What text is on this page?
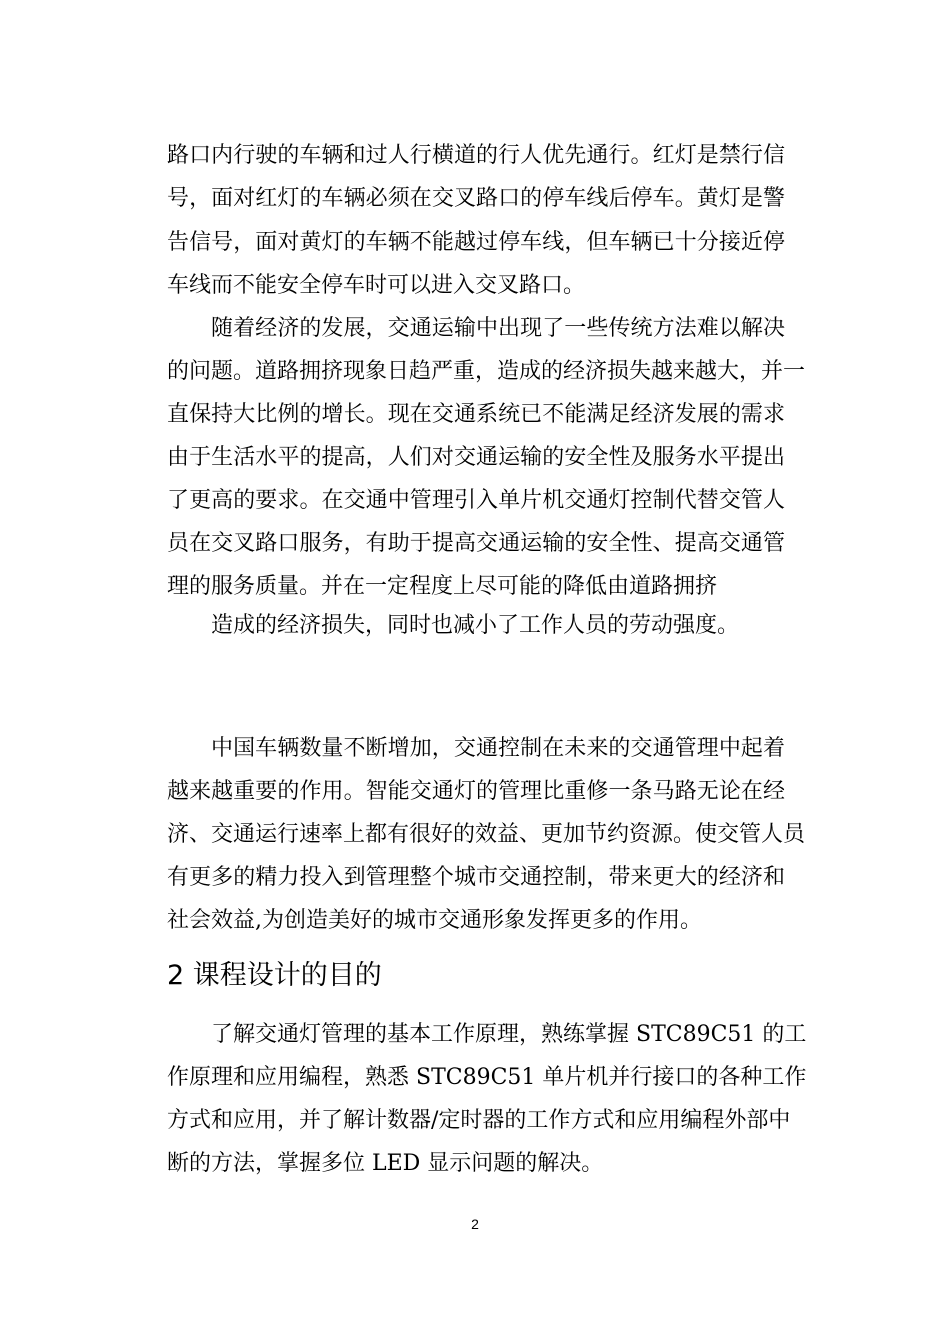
路口内行驶的车辆和过人行横道的行人优先通行。红灯是禁行信
号，面对红灯的车辆必须在交叉路口的停车线后停车。黄灯是警
告信号，面对黄灯的车辆不能越过停车线，但车辆已十分接近停
车线而不能安全停车时可以进入交叉路口。
随着经济的发展，交通运输中出现了一些传统方法难以解决
的问题。道路拥挤现象日趋严重，造成的经济损失越来越大，并一
直保持大比例的增长。现在交通系统已不能满足经济发展的需求
由于生活水平的提高，人们对交通运输的安全性及服务水平提出
了更高的要求。在交通中管理引入单片机交通灯控制代替交管人
员在交叉路口服务，有助于提高交通运输的安全性、提高交通管
理的服务质量。并在一定程度上尽可能的降低由道路拥挤
造成的经济损失，同时也减小了工作人员的劳动强度。
中国车辆数量不断增加，交通控制在未来的交通管理中起着
越来越重要的作用。智能交通灯的管理比重修一条马路无论在经
济、交通运行速率上都有很好的效益、更加节约资源。使交管人员
有更多的精力投入到管理整个城市交通控制，带来更大的经济和
社会效益,为创造美好的城市交通形象发挥更多的作用。
2 课程设计的目的
了解交通灯管理的基本工作原理，熟练掌握 STC89C51 的工
作原理和应用编程，熟悉 STC89C51 单片机并行接口的各种工作
方式和应用，并了解计数器/定时器的工作方式和应用编程外部中
断的方法，掌握多位 LED 显示问题的解决。
2
